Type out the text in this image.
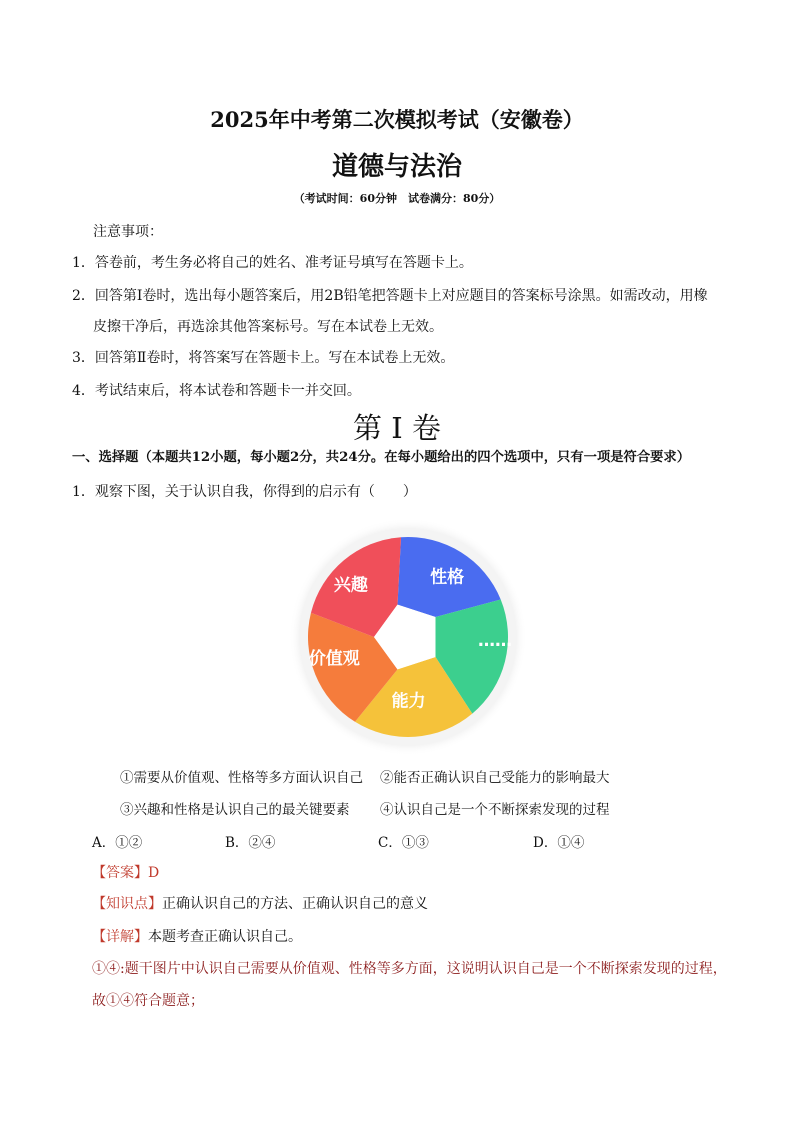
2025年中考第二次模拟考试（安徽卷）
道德与法治
（考试时间：60分钟　试卷满分：80分）
注意事项：
1．答卷前，考生务必将自己的姓名、准考证号填写在答题卡上。
2．回答第Ⅰ卷时，选出每小题答案后，用2B铅笔把答题卡上对应题目的答案标号涂黑。如需改动，用橡
皮擦干净后，再选涂其他答案标号。写在本试卷上无效。
3．回答第Ⅱ卷时，将答案写在答题卡上。写在本试卷上无效。
4．考试结束后，将本试卷和答题卡一并交回。
第 I 卷
一、选择题（本题共12小题，每小题2分，共24分。在每小题给出的四个选项中，只有一项是符合要求）
1．观察下图，关于认识自我，你得到的启示有（　　）
性格
……
能力
价值观
兴趣
①需要从价值观、性格等多方面认识自己 ②能否正确认识自己受能力的影响最大
③兴趣和性格是认识自己的最关键要素 ④认识自己是一个不断探索发现的过程
A．①②	B．②④	C．①③	D．①④
【答案】D
【知识点】正确认识自己的方法、正确认识自己的意义
【详解】本题考查正确认识自己。
①④:题干图片中认识自己需要从价值观、性格等多方面，这说明认识自己是一个不断探索发现的过程，
故①④符合题意；
